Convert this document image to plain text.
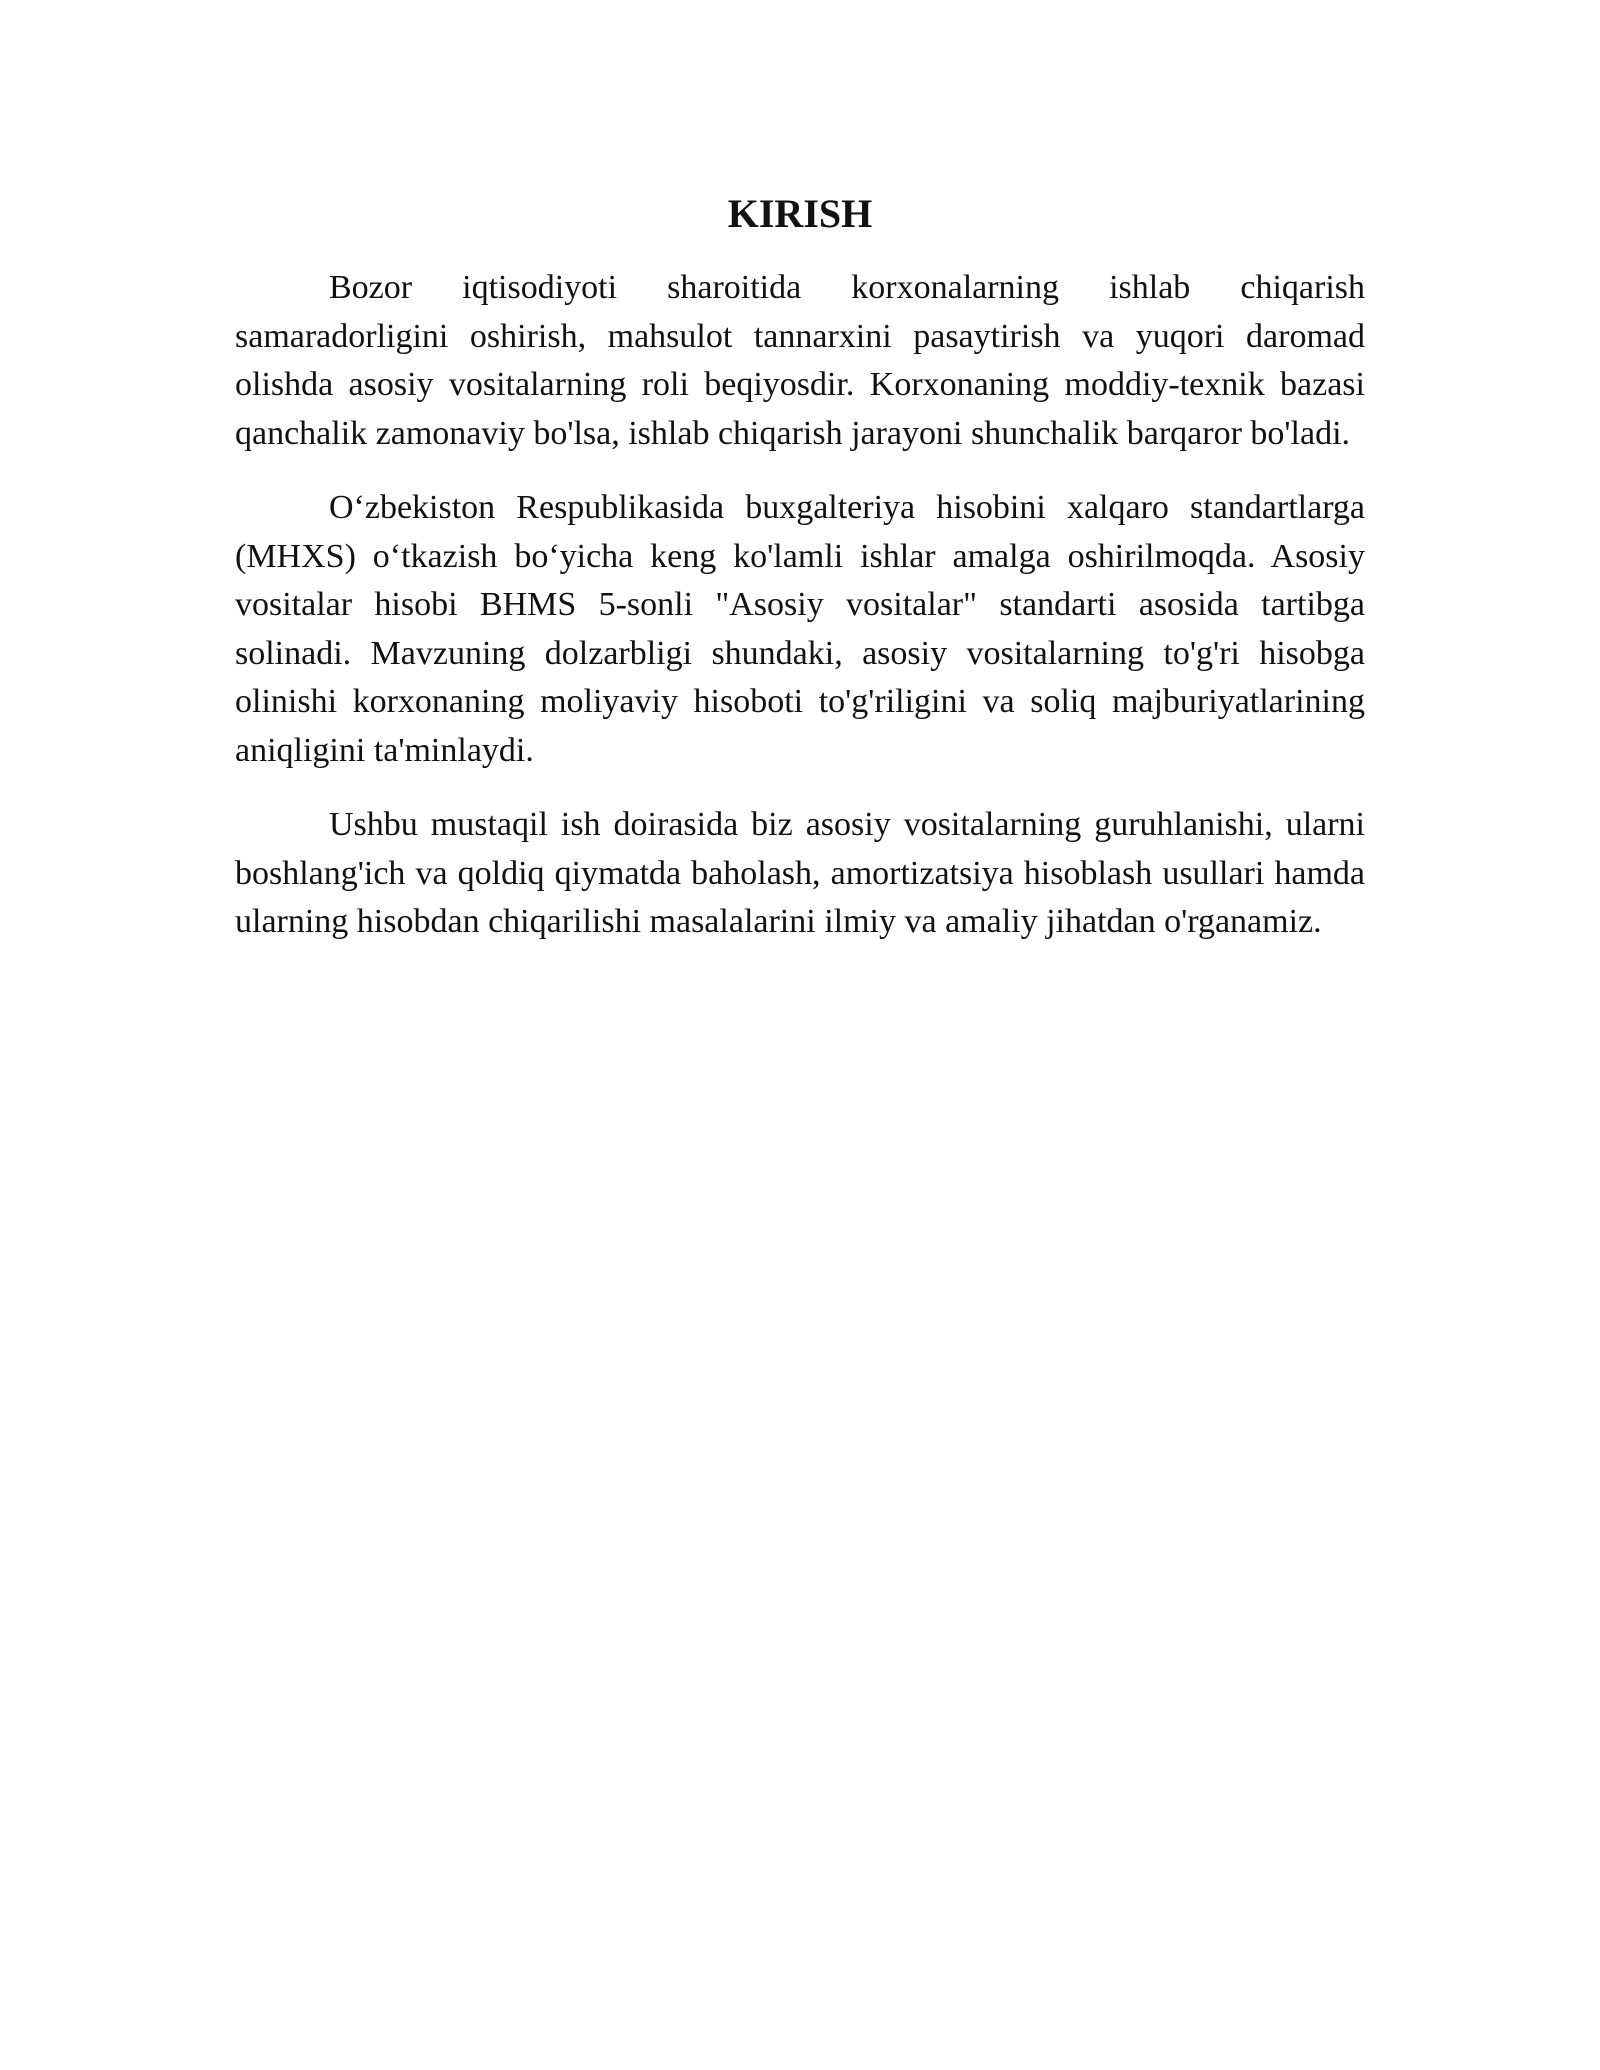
KIRISH

Bozor iqtisodiyoti sharoitida korxonalarning ishlab chiqarish samaradorligini oshirish, mahsulot tannarxini pasaytirish va yuqori daromad olishda asosiy vositalarning roli beqiyosdir. Korxonaning moddiy-texnik bazasi qanchalik zamonaviy bo'lsa, ishlab chiqarish jarayoni shunchalik barqaror bo'ladi.

O‘zbekiston Respublikasida buxgalteriya hisobini xalqaro standartlarga (MHXS) o‘tkazish bo‘yicha keng ko'lamli ishlar amalga oshirilmoqda. Asosiy vositalar hisobi BHMS 5-sonli "Asosiy vositalar" standarti asosida tartibga solinadi. Mavzuning dolzarbligi shundaki, asosiy vositalarning to'g'ri hisobga olinishi korxonaning moliyaviy hisoboti to'g'riligini va soliq majburiyatlarining aniqligini ta'minlaydi.

Ushbu mustaqil ish doirasida biz asosiy vositalarning guruhlanishi, ularni boshlang'ich va qoldiq qiymatda baholash, amortizatsiya hisoblash usullari hamda ularning hisobdan chiqarilishi masalalarini ilmiy va amaliy jihatdan o'rganamiz.
